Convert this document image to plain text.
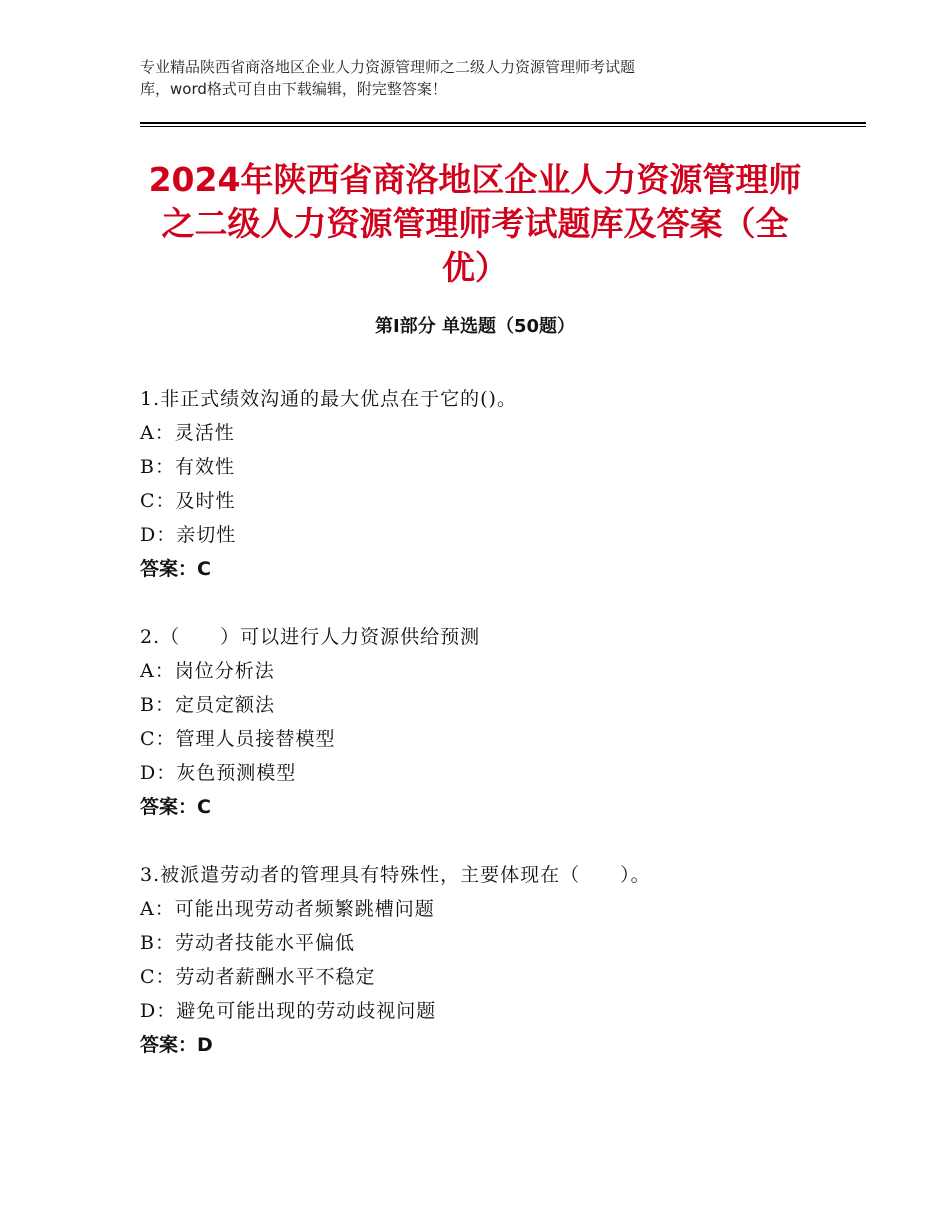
专业精品陕西省商洛地区企业人力资源管理师之二级人力资源管理师考试题
库，word格式可自由下载编辑，附完整答案！
2024年陕西省商洛地区企业人力资源管理师
之二级人力资源管理师考试题库及答案（全
优）
第Ⅰ部分 单选题（50题）
1.非正式绩效沟通的最大优点在于它的()。
A：灵活性
B：有效性
C：及时性
D：亲切性
答案：C
2.（　　）可以进行人力资源供给预测
A：岗位分析法
B：定员定额法
C：管理人员接替模型
D：灰色预测模型
答案：C
3.被派遣劳动者的管理具有特殊性，主要体现在（　　）。
A：可能出现劳动者频繁跳槽问题
B：劳动者技能水平偏低
C：劳动者薪酬水平不稳定
D：避免可能出现的劳动歧视问题
答案：D
